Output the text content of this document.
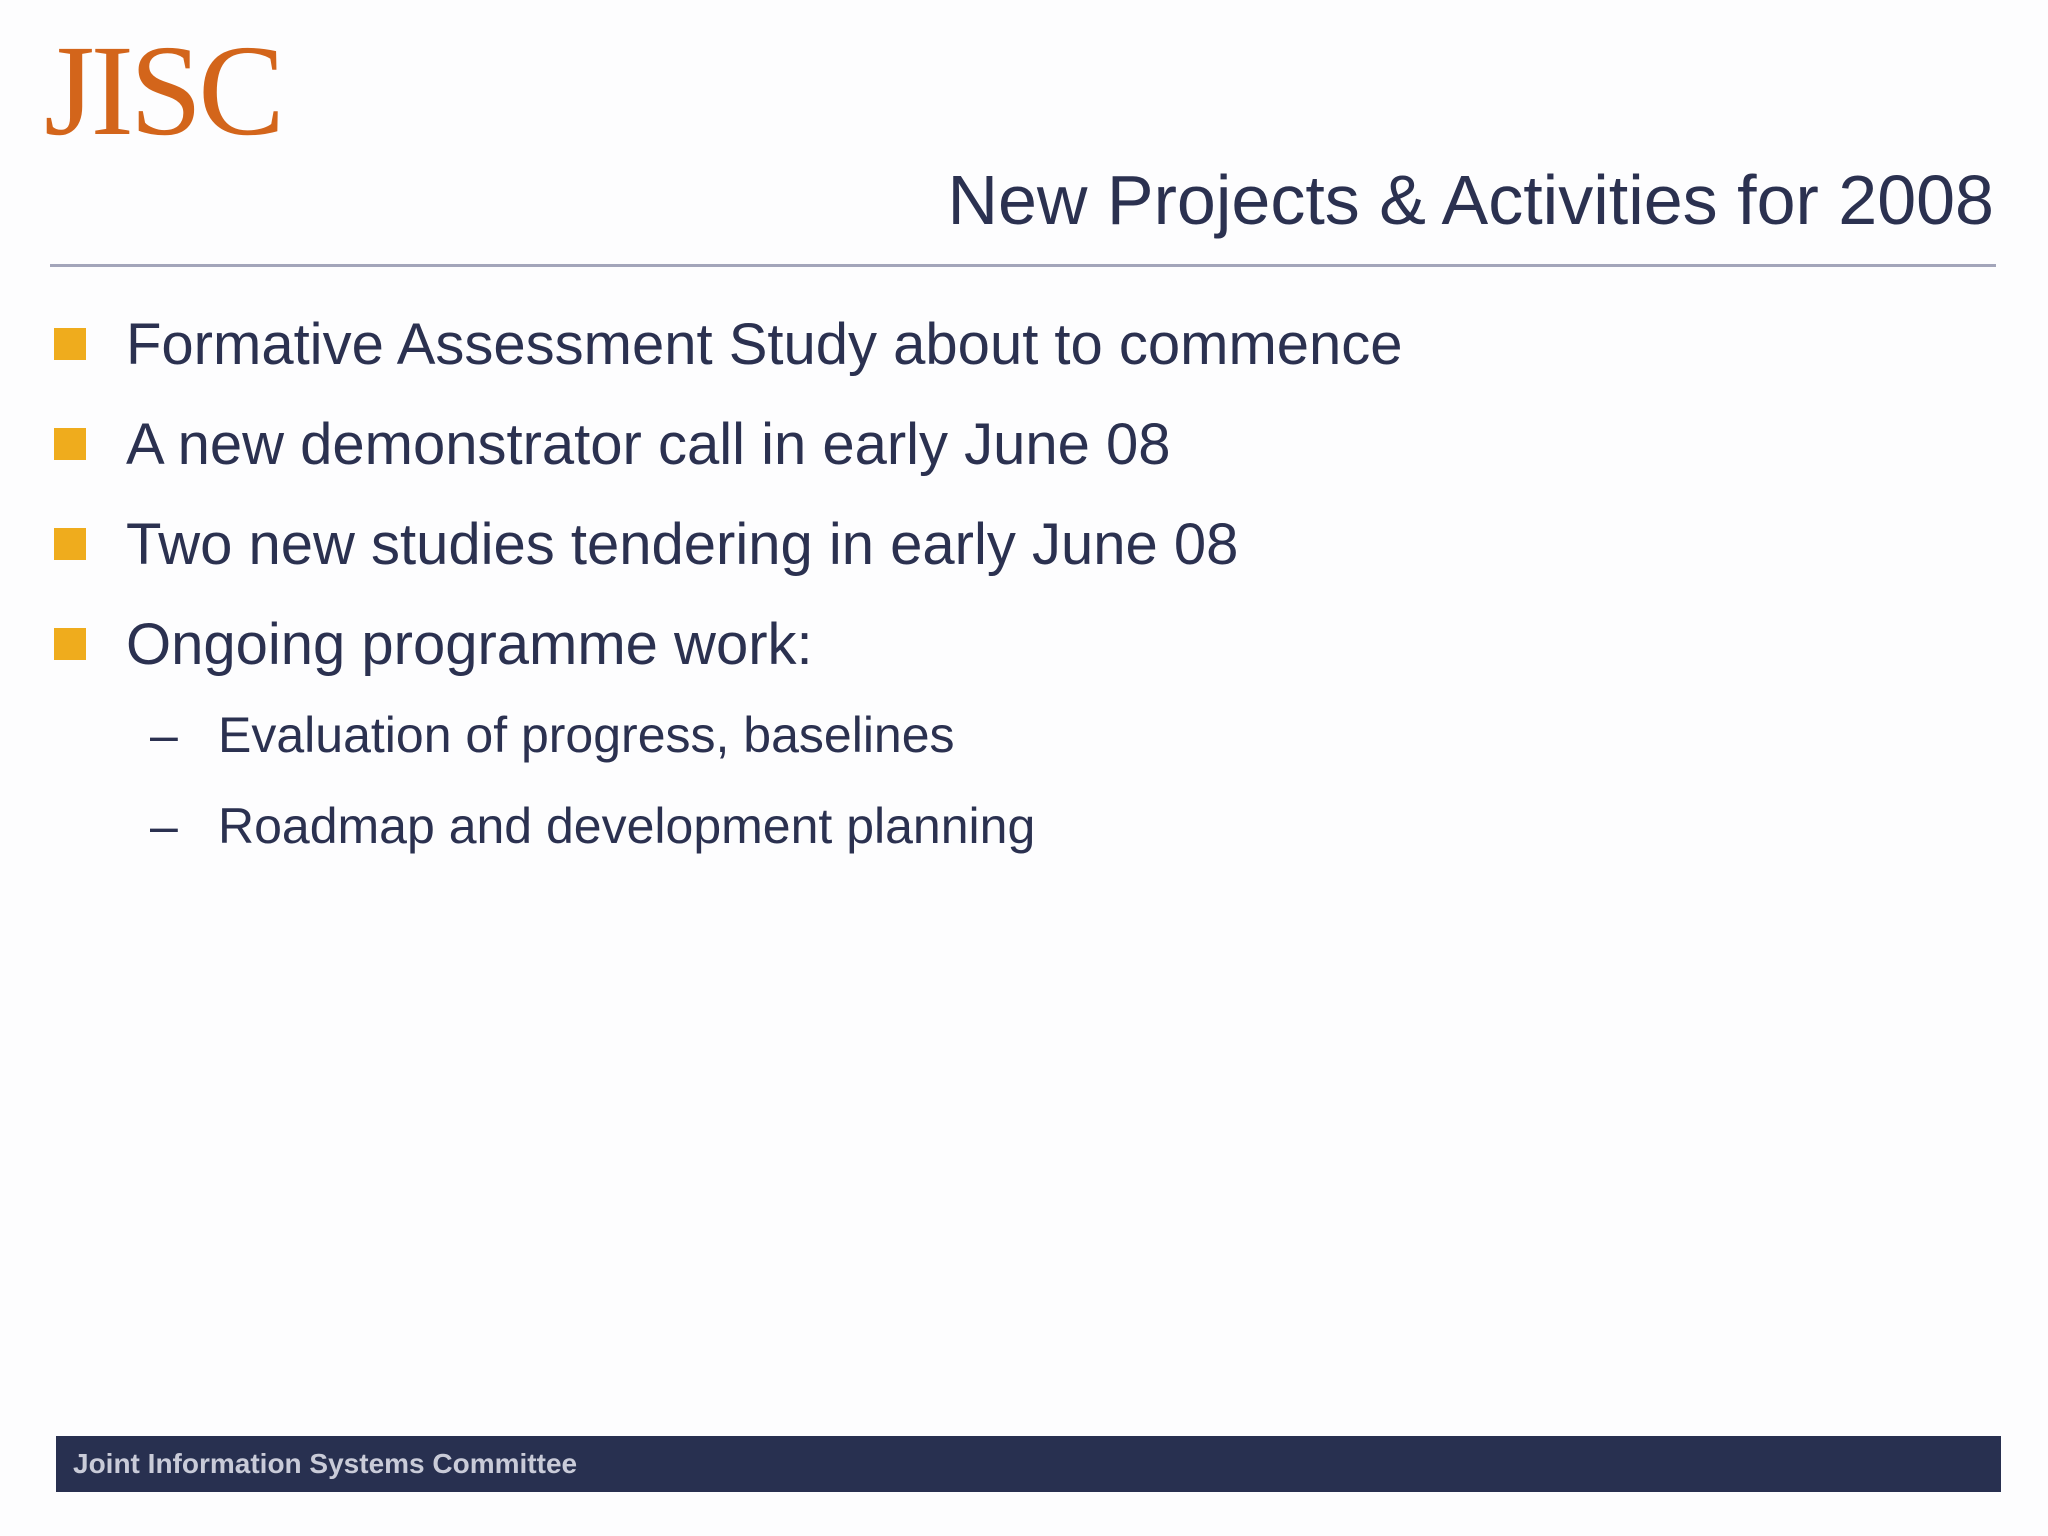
JISC
New Projects & Activities for 2008
Formative Assessment Study about to commence
A new demonstrator call in early June 08
Two new studies tendering in early June 08
Ongoing programme work:
– Evaluation of progress, baselines
– Roadmap and development planning
Joint Information Systems Committee
